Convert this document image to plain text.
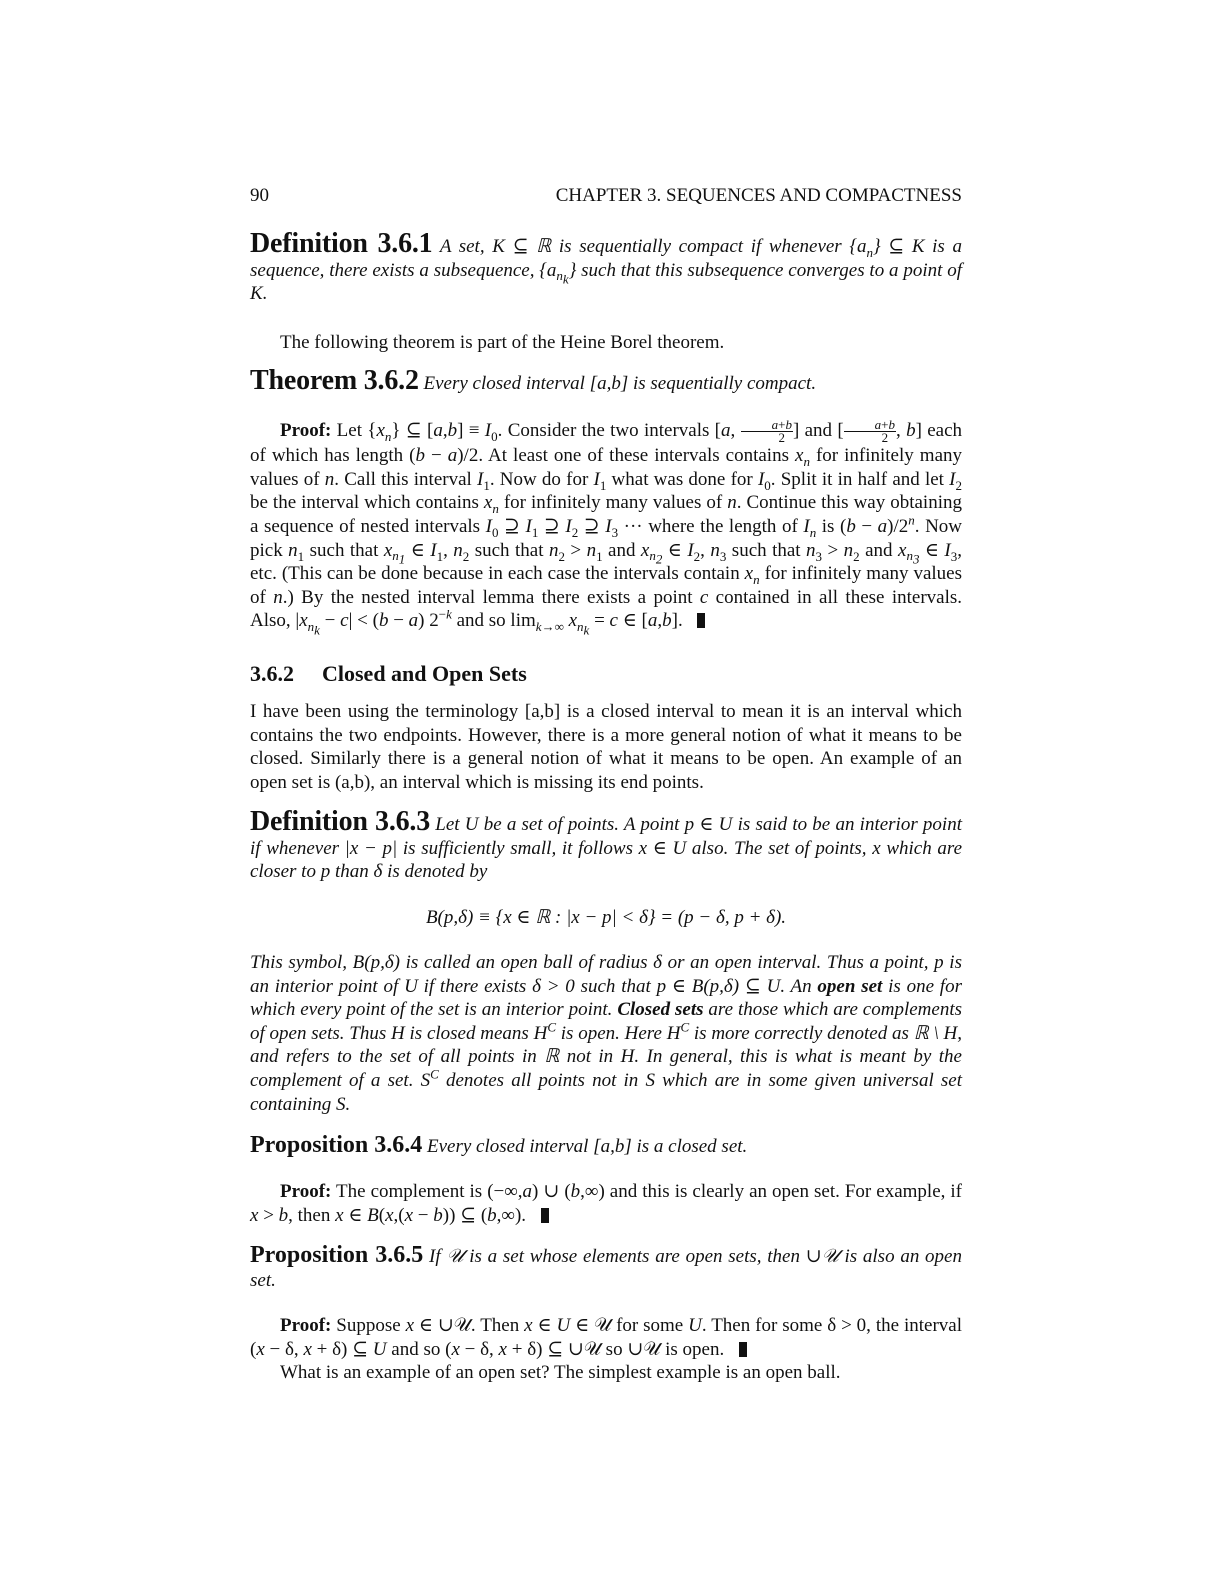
90	CHAPTER 3. SEQUENCES AND COMPACTNESS
Definition 3.6.1 A set, K ⊆ ℝ is sequentially compact if whenever $\{a_n\}$ ⊆ K is a sequence, there exists a subsequence, $\{a_{n_k}\}$ such that this subsequence converges to a point of K.
The following theorem is part of the Heine Borel theorem.
Theorem 3.6.2 Every closed interval [a,b] is sequentially compact.
Proof: Let $\{x_n\}$ ⊆ $[a,b] \equiv I_0$. Consider the two intervals [a, $\frac{a+b}{2}$ ] and [ $\frac{a+b}{2}$ , b] each of which has length (b − a)/2. At least one of these intervals contains $x_n$ for infinitely many values of n. Call this interval $I_1$. Now do for $I_1$ what was done for $I_0$. Split it in half and let $I_2$ be the interval which contains $x_n$ for infinitely many values of n. Continue this way obtaining a sequence of nested intervals $I_0$ ⊇ $I_1$ ⊇ $I_2$ ⊇ $I_3$ ··· where the length of $I_n$ is $(b - a)/2^n$. Now pick $n_1$ such that $x_{n_1}$ ∈ $I_1$, $n_2$ such that $n_2 > n_1$ and $x_{n_2}$ ∈ $I_2$, $n_3$ such that $n_3 > n_2$ and $x_{n_3}$ ∈ $I_3$, etc. (This can be done because in each case the intervals contain $x_n$ for infinitely many values of n.) By the nested interval lemma there exists a point c contained in all these intervals. Also, $|x_{n_k} - c| < (b - a)$ $2^{-k}$ and so $\lim_{k\to\infty} x_{n_k} = c$ ∈ [a,b].
3.6.2 Closed and Open Sets
I have been using the terminology [a,b] is a closed interval to mean it is an interval which contains the two endpoints. However, there is a more general notion of what it means to be closed. Similarly there is a general notion of what it means to be open. An example of an open set is (a,b), an interval which is missing its end points.
Definition 3.6.3 Let U be a set of points. A point p ∈ U is said to be an interior point if whenever |x − p| is sufficiently small, it follows x ∈ U also. The set of points, x which are closer to p than δ is denoted by
B(p,δ) ≡ {x ∈ ℝ : |x − p| < δ} = (p − δ, p + δ).
This symbol, B(p,δ) is called an open ball of radius δ or an open interval. Thus a point, p is an interior point of U if there exists δ > 0 such that p ∈ B(p,δ) ⊆ U. An open set is one for which every point of the set is an interior point. Closed sets are those which are complements of open sets. Thus H is closed means $H^C$ is open. Here $H^C$ is more correctly denoted as ℝ \ H, and refers to the set of all points in ℝ not in H. In general, this is what is meant by the complement of a set. $S^C$ denotes all points not in S which are in some given universal set containing S.
Proposition 3.6.4 Every closed interval [a,b] is a closed set.
Proof: The complement is (−∞,a) ∪ (b,∞) and this is clearly an open set. For example, if x > b, then x ∈ B(x,(x − b)) ⊆ (b,∞).
Proposition 3.6.5 If 𝒰 is a set whose elements are open sets, then ∪𝒰 is also an open set.
Proof: Suppose x ∈ ∪𝒰. Then x ∈ U ∈ 𝒰 for some U. Then for some δ > 0, the interval (x − δ, x + δ) ⊆ U and so (x − δ, x + δ) ⊆ ∪𝒰 so ∪𝒰 is open.
What is an example of an open set? The simplest example is an open ball.
